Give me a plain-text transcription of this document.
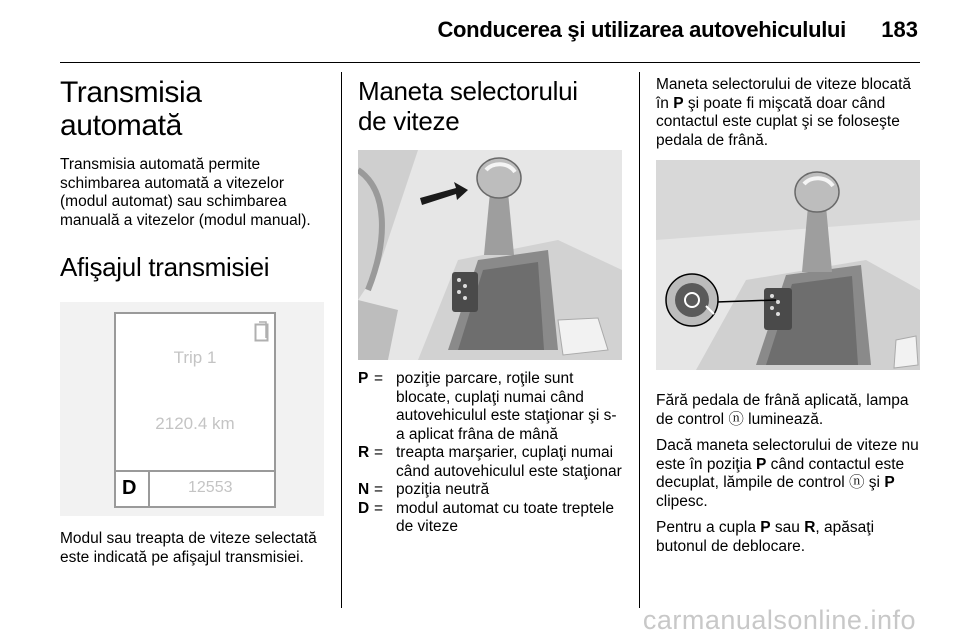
Conducerea şi utilizarea autovehiculului 183
Transmisia automată

Transmisia automată permite schimbarea automată a vitezelor (modul automat) sau schimbarea manuală a vitezelor (modul manual).

Afişajul transmisiei
Trip 1
2120.4 km
D	12553

Modul sau treapta de viteze selectată este indicată pe afişajul transmisiei.

Maneta selectorului de viteze
P = poziţie parcare, roţile sunt blocate, cuplaţi numai când autovehiculul este staţionar şi s-a aplicat frâna de mână
R = treapta marşarier, cuplaţi numai când autovehiculul este staţionar
N = poziţia neutră
D = modul automat cu toate treptele de viteze

Maneta selectorului de viteze blocată în P şi poate fi mişcată doar când contactul este cuplat şi se foloseşte pedala de frână.

Fără pedala de frână aplicată, lampa de control ⓝ luminează.

Dacă maneta selectorului de viteze nu este în poziţia P când contactul este decuplat, lămpile de control ⓝ şi P clipesc.

Pentru a cupla P sau R, apăsaţi butonul de deblocare.

carmanualsonline.info
